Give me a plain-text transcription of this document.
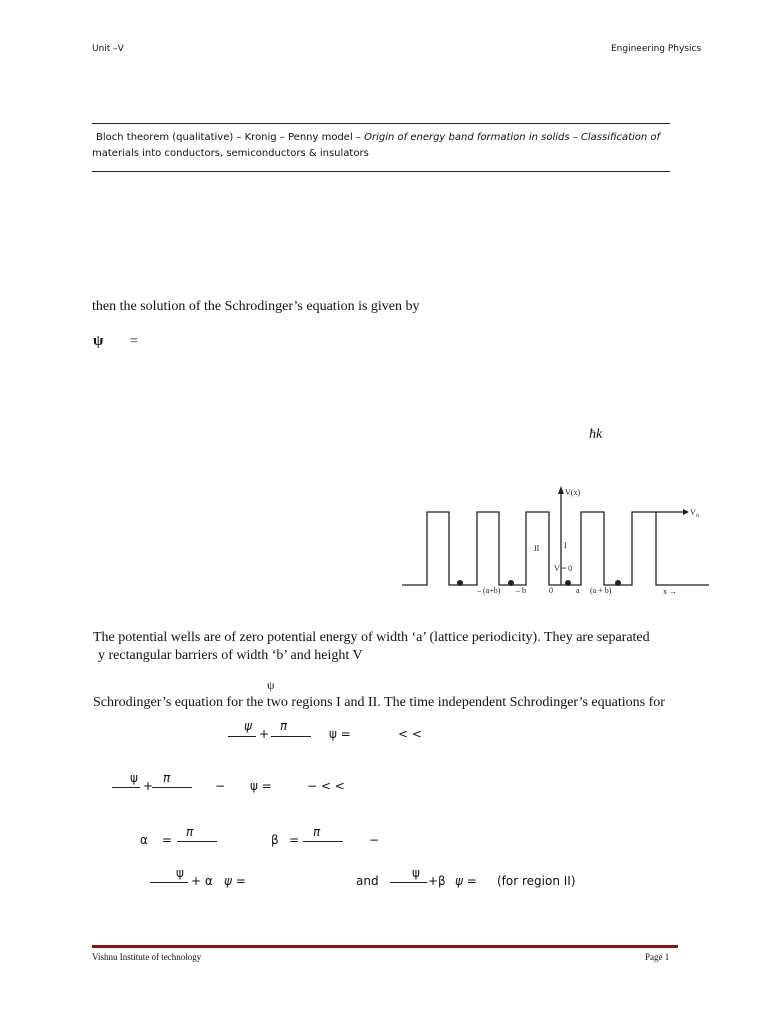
Unit –V	Engineering Physics
Bloch theorem (qualitative) – Kronig – Penny model – Origin of energy band formation in solids – Classification of
materials into conductors, semiconductors & insulators
then the solution of the Schrodinger’s equation is given by
ψ =
ħk
V(x)
V o
II	I
V = 0
– (a+b) – b	0	a (a + b)	x →
The potential wells are of zero potential energy of width ‘a’ (lattice periodicity). They are separated
y rectangular barriers of width ‘b’ and height V
ψ
Schrodinger’s equation for the two regions I and II. The time independent Schrodinger’s equations for
ψ
+
π
ψ =	< <
ψ
+
π
− ψ =	− < <
α =
π
β =
π
−
ψ
+ α ψ =	and
ψ
+β ψ = (for region II)
Vishnu Institute of technology	Page 1
